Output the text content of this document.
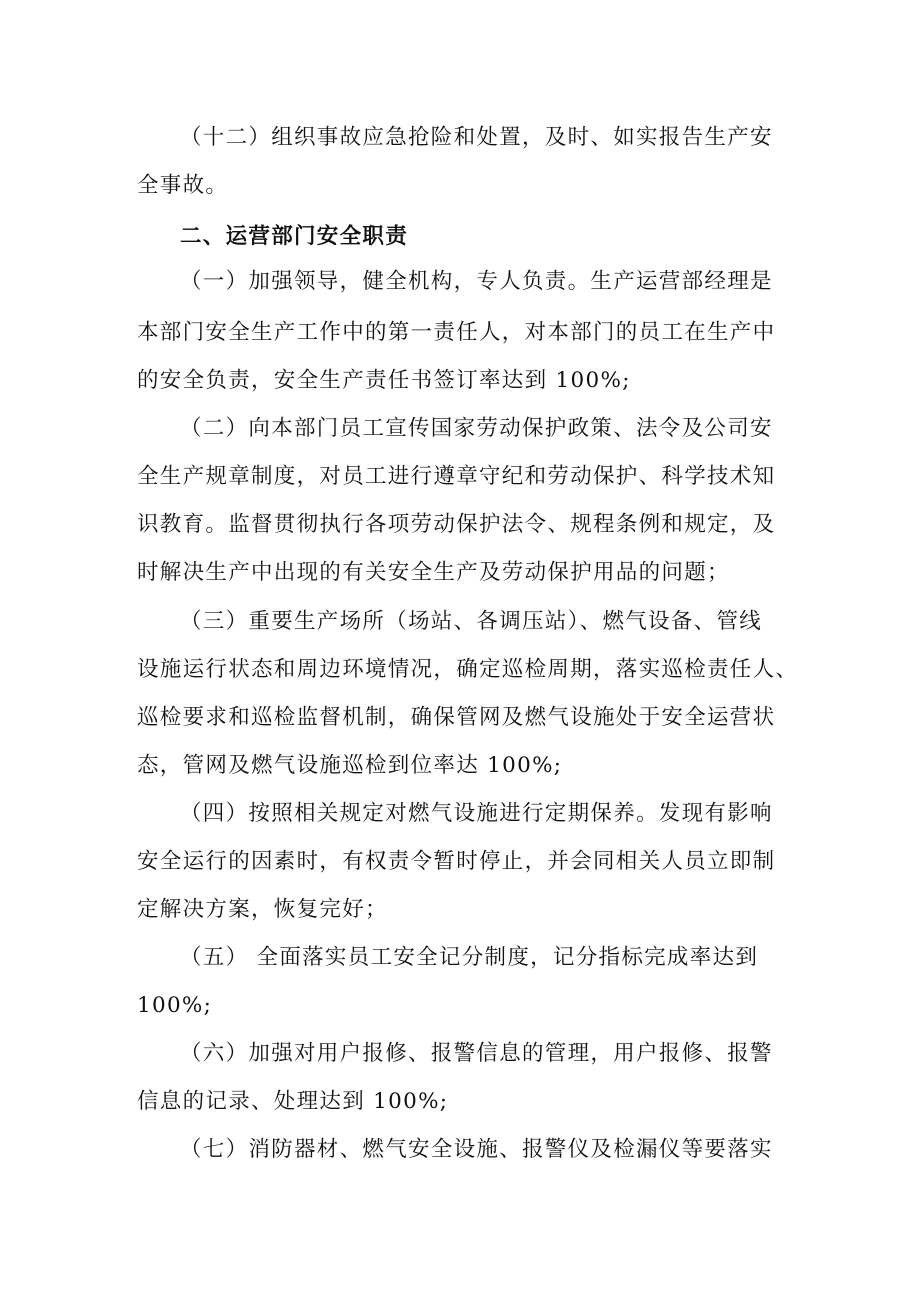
（十二）组织事故应急抢险和处置，及时、如实报告生产安
全事故。
二、运营部门安全职责
（一）加强领导，健全机构，专人负责。生产运营部经理是
本部门安全生产工作中的第一责任人，对本部门的员工在生产中
的安全负责，安全生产责任书签订率达到 100%;
（二）向本部门员工宣传国家劳动保护政策、法令及公司安
全生产规章制度，对员工进行遵章守纪和劳动保护、科学技术知
识教育。监督贯彻执行各项劳动保护法令、规程条例和规定，及
时解决生产中出现的有关安全生产及劳动保护用品的问题；
（三）重要生产场所（场站、各调压站）、燃气设备、管线
设施运行状态和周边环境情况，确定巡检周期，落实巡检责任人、
巡检要求和巡检监督机制，确保管网及燃气设施处于安全运营状
态，管网及燃气设施巡检到位率达 100%;
（四）按照相关规定对燃气设施进行定期保养。发现有影响
安全运行的因素时，有权责令暂时停止，并会同相关人员立即制
定解决方案，恢复完好；
（五） 全面落实员工安全记分制度，记分指标完成率达到
100%;
（六）加强对用户报修、报警信息的管理，用户报修、报警
信息的记录、处理达到 100%;
（七）消防器材、燃气安全设施、报警仪及检漏仪等要落实
